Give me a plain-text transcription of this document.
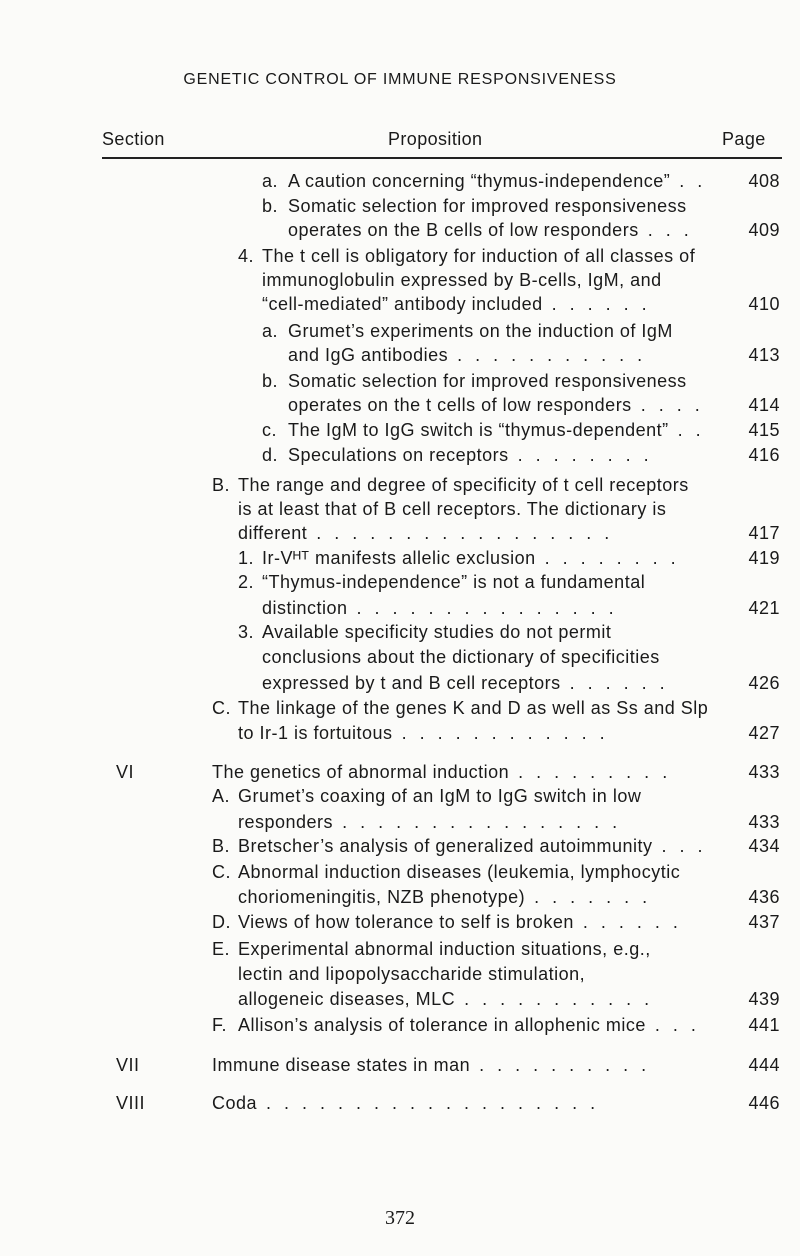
GENETIC CONTROL OF IMMUNE RESPONSIVENESS
Section	Proposition	Page
a. A caution concerning “thymus-independence” . .	408
b. Somatic selection for improved responsiveness
operates on the B cells of low responders . . .	409
4. The t cell is obligatory for induction of all classes of
immunoglobulin expressed by B-cells, IgM, and
“cell-mediated” antibody included . . . . . .	410
a. Grumet’s experiments on the induction of IgM
and IgG antibodies . . . . . . . . . . .	413
b. Somatic selection for improved responsiveness
operates on the t cells of low responders . . . .	414
c. The IgM to IgG switch is “thymus-dependent” . .	415
d. Speculations on receptors . . . . . . . .	416
B. The range and degree of specificity of t cell receptors
is at least that of B cell receptors. The dictionary is
different . . . . . . . . . . . . . . . . .	417
1. Ir-Vᴴᵀ manifests allelic exclusion . . . . . . . .	419
2. “Thymus-independence” is not a fundamental
distinction . . . . . . . . . . . . . . .	421
3. Available specificity studies do not permit
conclusions about the dictionary of specificities
expressed by t and B cell receptors . . . . . .	426
C. The linkage of the genes K and D as well as Ss and Slp
to Ir-1 is fortuitous . . . . . . . . . . . .	427
VI	The genetics of abnormal induction . . . . . . . . .	433
A. Grumet’s coaxing of an IgM to IgG switch in low
responders . . . . . . . . . . . . . . . .	433
B. Bretscher’s analysis of generalized autoimmunity . . .	434
C. Abnormal induction diseases (leukemia, lymphocytic
choriomeningitis, NZB phenotype) . . . . . . .	436
D. Views of how tolerance to self is broken . . . . . .	437
E. Experimental abnormal induction situations, e.g.,
lectin and lipopolysaccharide stimulation,
allogeneic diseases, MLC . . . . . . . . . . .	439
F. Allison’s analysis of tolerance in allophenic mice . . .	441
VII	Immune disease states in man . . . . . . . . . .	444
VIII	Coda . . . . . . . . . . . . . . . . . . .	446
372
